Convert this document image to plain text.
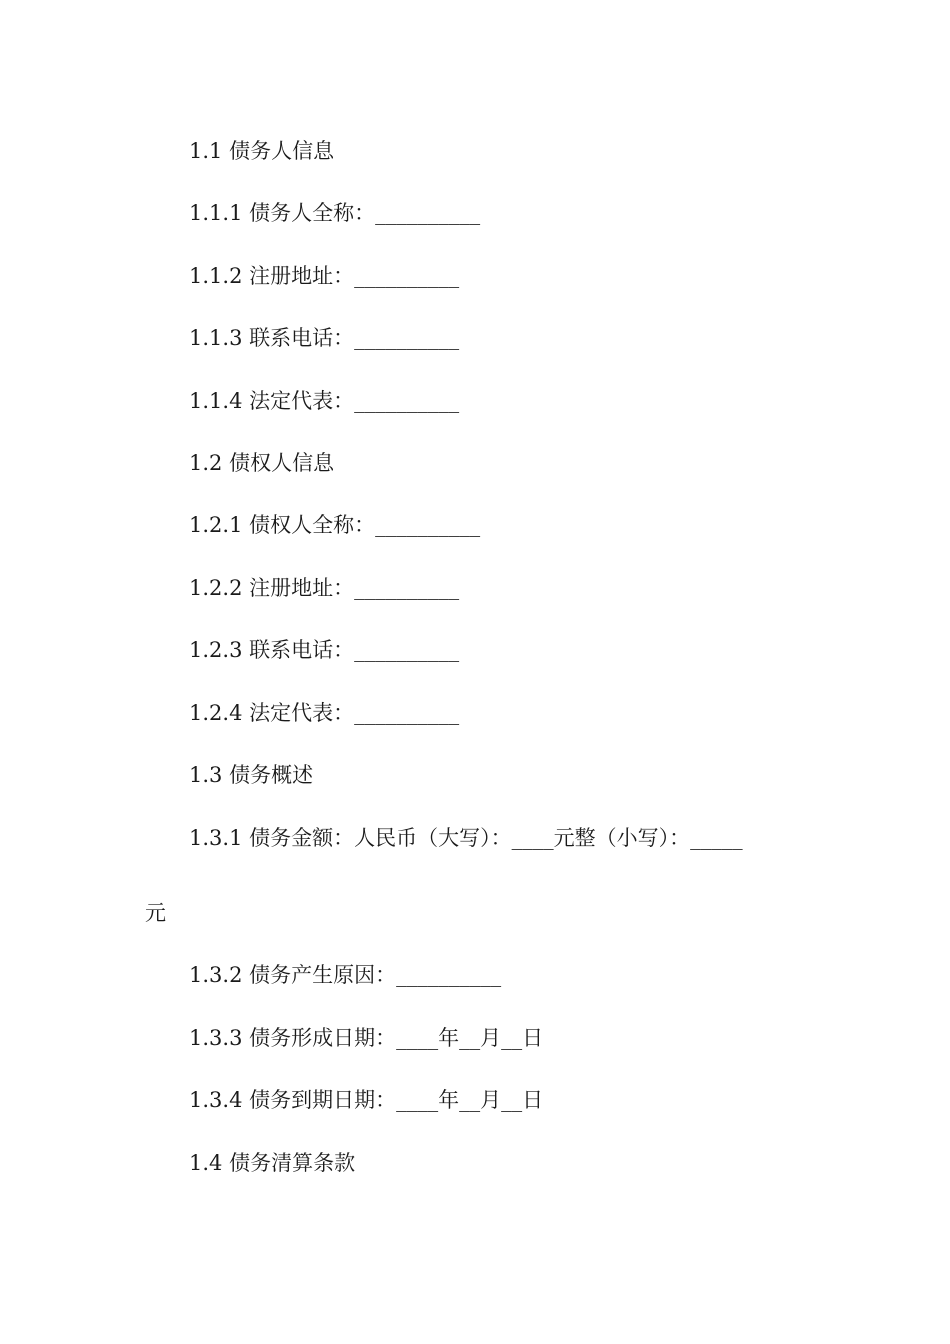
1.1 债务人信息
1.1.1 债务人全称：__________
1.1.2 注册地址：__________
1.1.3 联系电话：__________
1.1.4 法定代表：__________
1.2 债权人信息
1.2.1 债权人全称：__________
1.2.2 注册地址：__________
1.2.3 联系电话：__________
1.2.4 法定代表：__________
1.3 债务概述
1.3.1 债务金额：人民币（大写）：____元整（小写）：_____
元
1.3.2 债务产生原因：__________
1.3.3 债务形成日期：____年__月__日
1.3.4 债务到期日期：____年__月__日
1.4 债务清算条款
